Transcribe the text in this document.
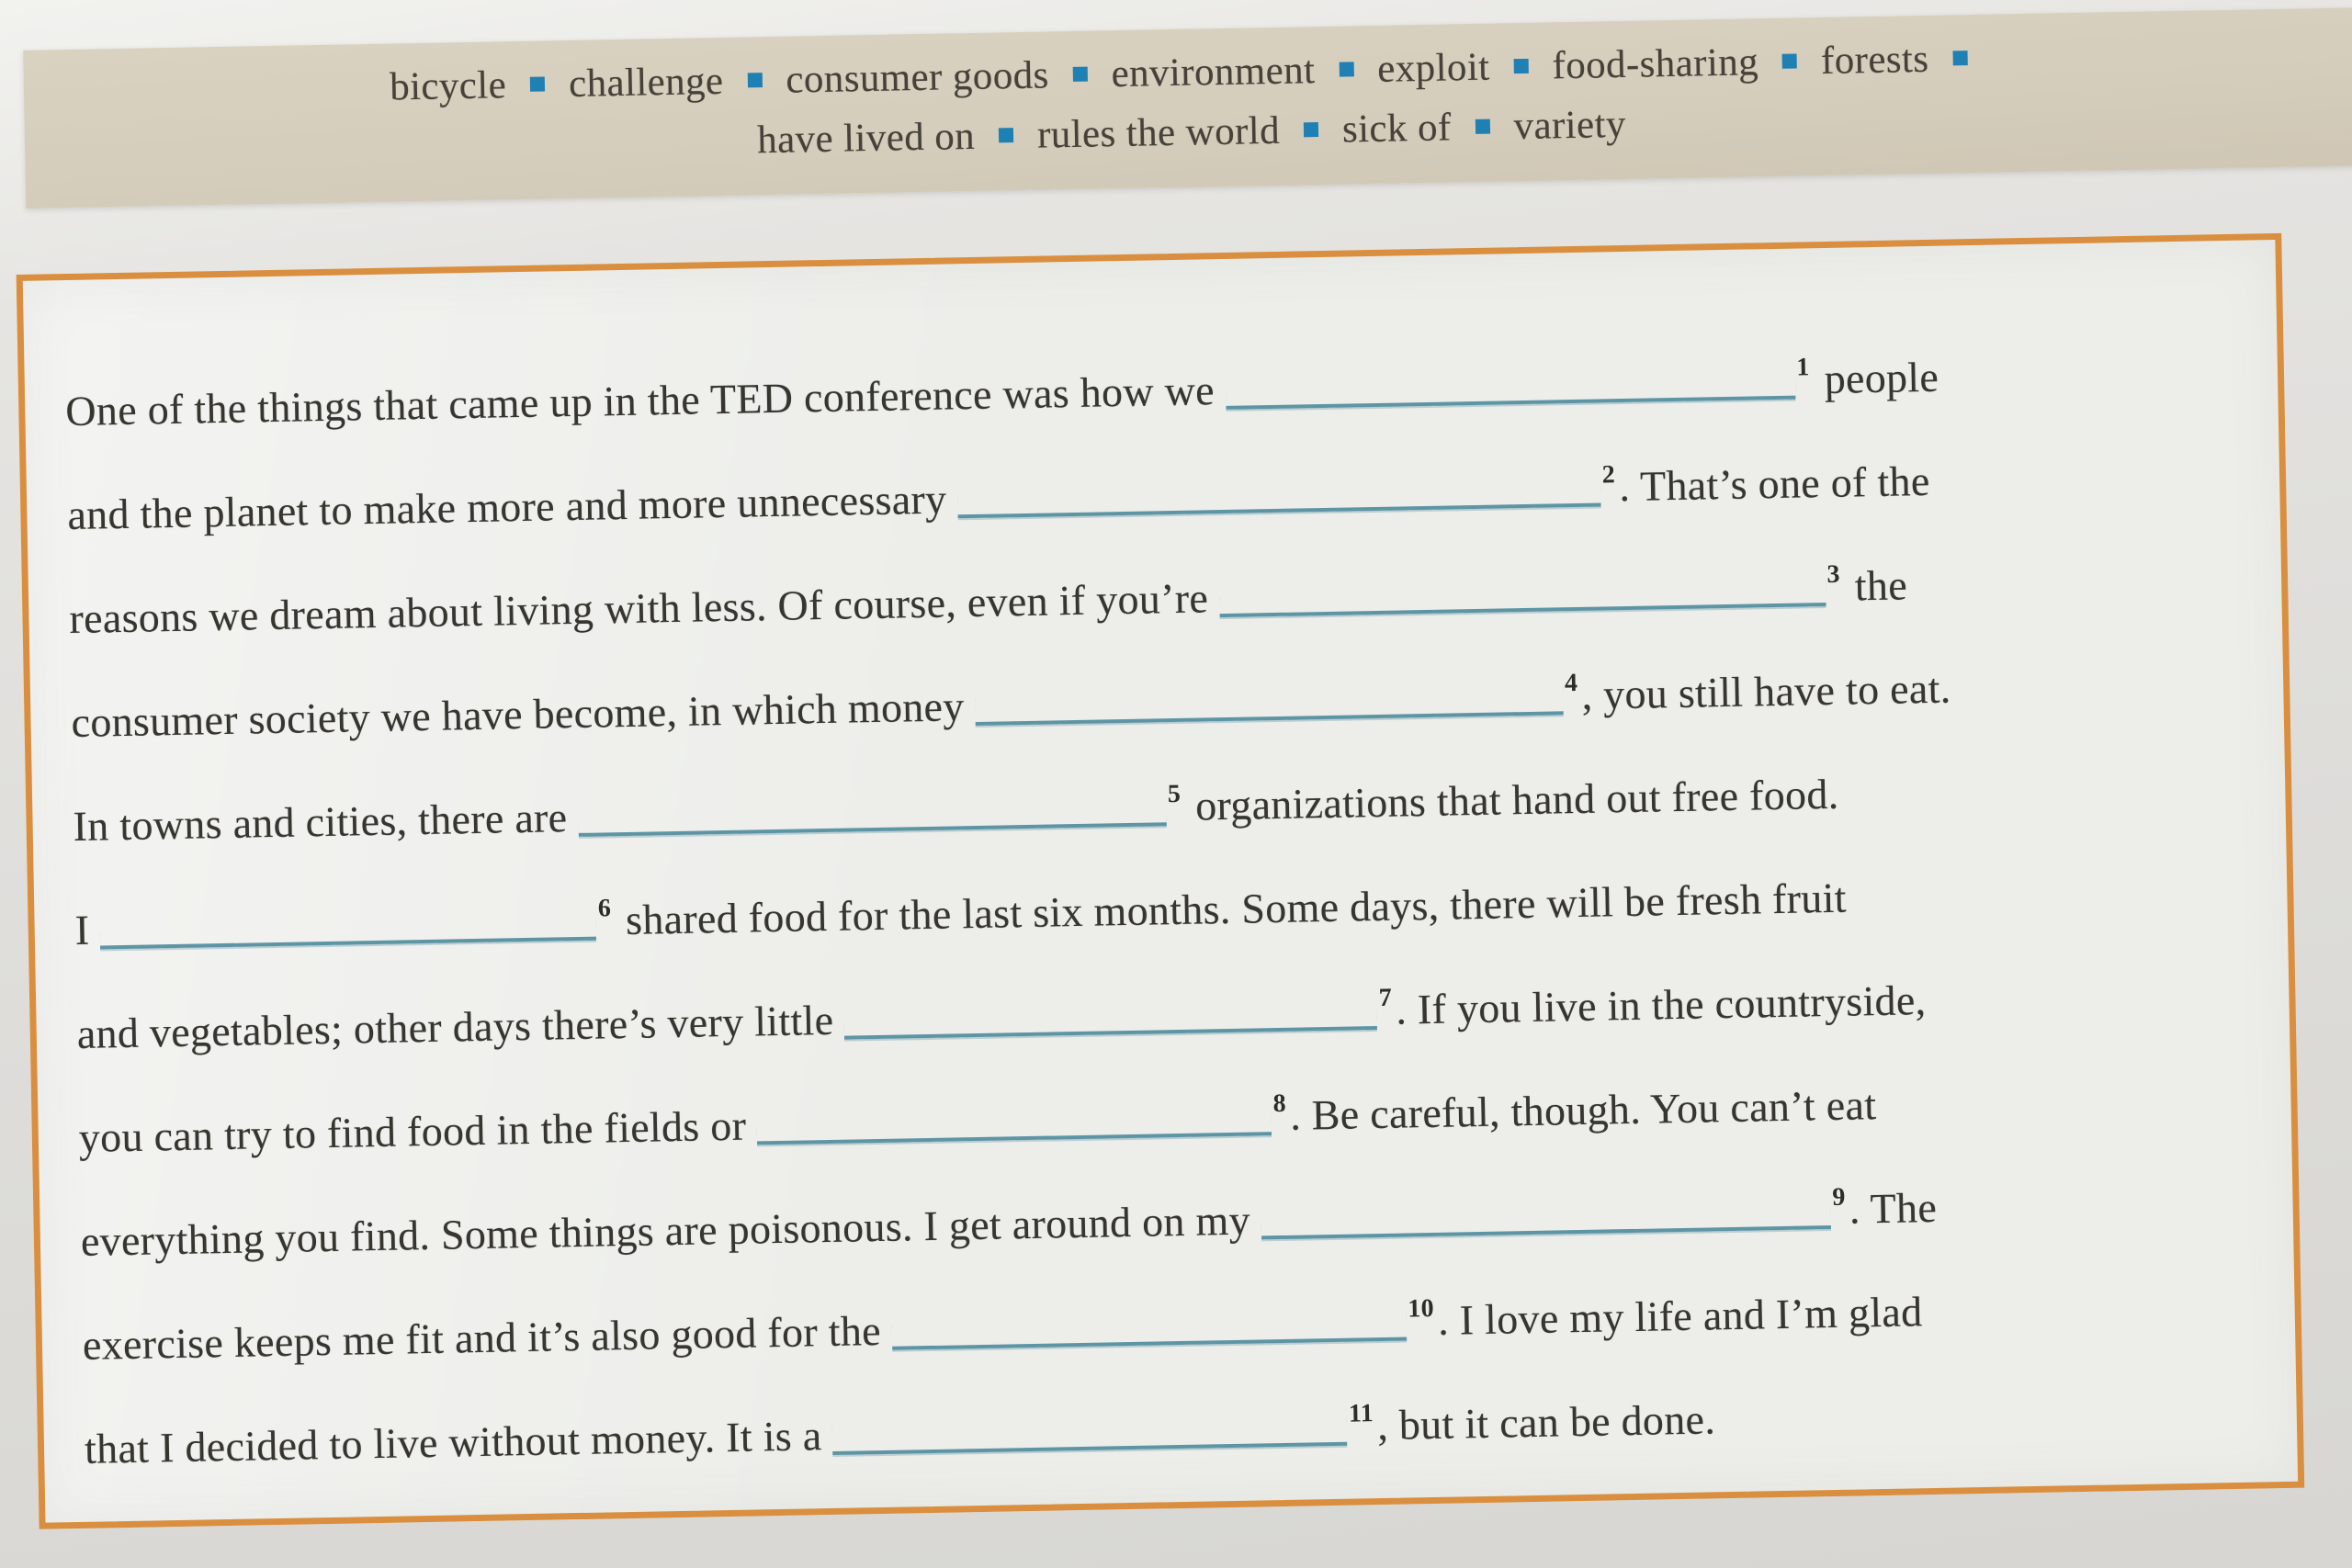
bicycle challenge consumer goods environment exploit food-sharing forests
have lived on rules the world sick of variety
One of the things that came up in the TED conference was how we	$^1$ people
and the planet to make more and more unnecessary $^2$. That’s one of the
reasons we dream about living with less. Of course, even if you’re	$^3$ the
consumer society we have become, in which money	$^4$, you still have to eat.
In towns and cities, there are	$^5$ organizations that hand out free food.
I	$^6$ shared food for the last six months. Some days, there will be fresh fruit
and vegetables; other days there’s very little	$^7$. If you live in the countryside,
you can try to find food in the fields or	$^8$. Be careful, though. You can’t eat
everything you find. Some things are poisonous. I get around on my	$^9$. The
exercise keeps me fit and it’s also good for the	$^{10}$. I love my life and I’m glad
that I decided to live without money. It is a	$^{11}$, but it can be done.
